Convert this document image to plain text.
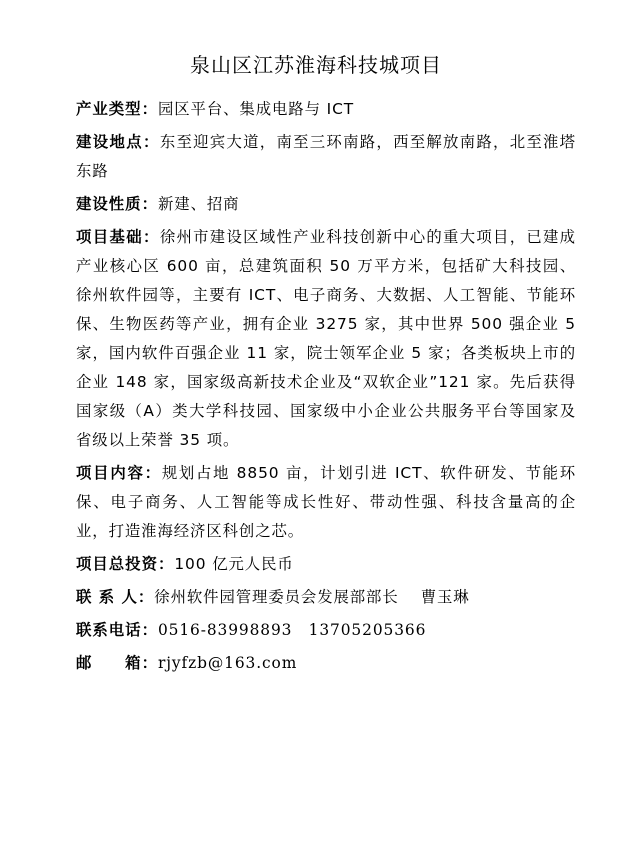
泉山区江苏淮海科技城项目

产业类型：园区平台、集成电路与 ICT

建设地点：东至迎宾大道，南至三环南路，西至解放南路，北至淮塔东路

建设性质：新建、招商

项目基础：徐州市建设区域性产业科技创新中心的重大项目，已建成产业核心区 600 亩，总建筑面积 50 万平方米，包括矿大科技园、徐州软件园等，主要有 ICT、电子商务、大数据、人工智能、节能环保、生物医药等产业，拥有企业 3275 家，其中世界 500 强企业 5 家，国内软件百强企业 11 家，院士领军企业 5 家；各类板块上市的企业 148 家，国家级高新技术企业及“双软企业”121 家。先后获得国家级（A）类大学科技园、国家级中小企业公共服务平台等国家及省级以上荣誉 35 项。

项目内容：规划占地 8850 亩，计划引进 ICT、软件研发、节能环保、电子商务、人工智能等成长性好、带动性强、科技含量高的企业，打造淮海经济区科创之芯。

项目总投资：100 亿元人民币

联 系 人：徐州软件园管理委员会发展部部长　 曹玉琳

联系电话：0516-83998893　13705205366

邮　　箱：rjyfzb@163.com
